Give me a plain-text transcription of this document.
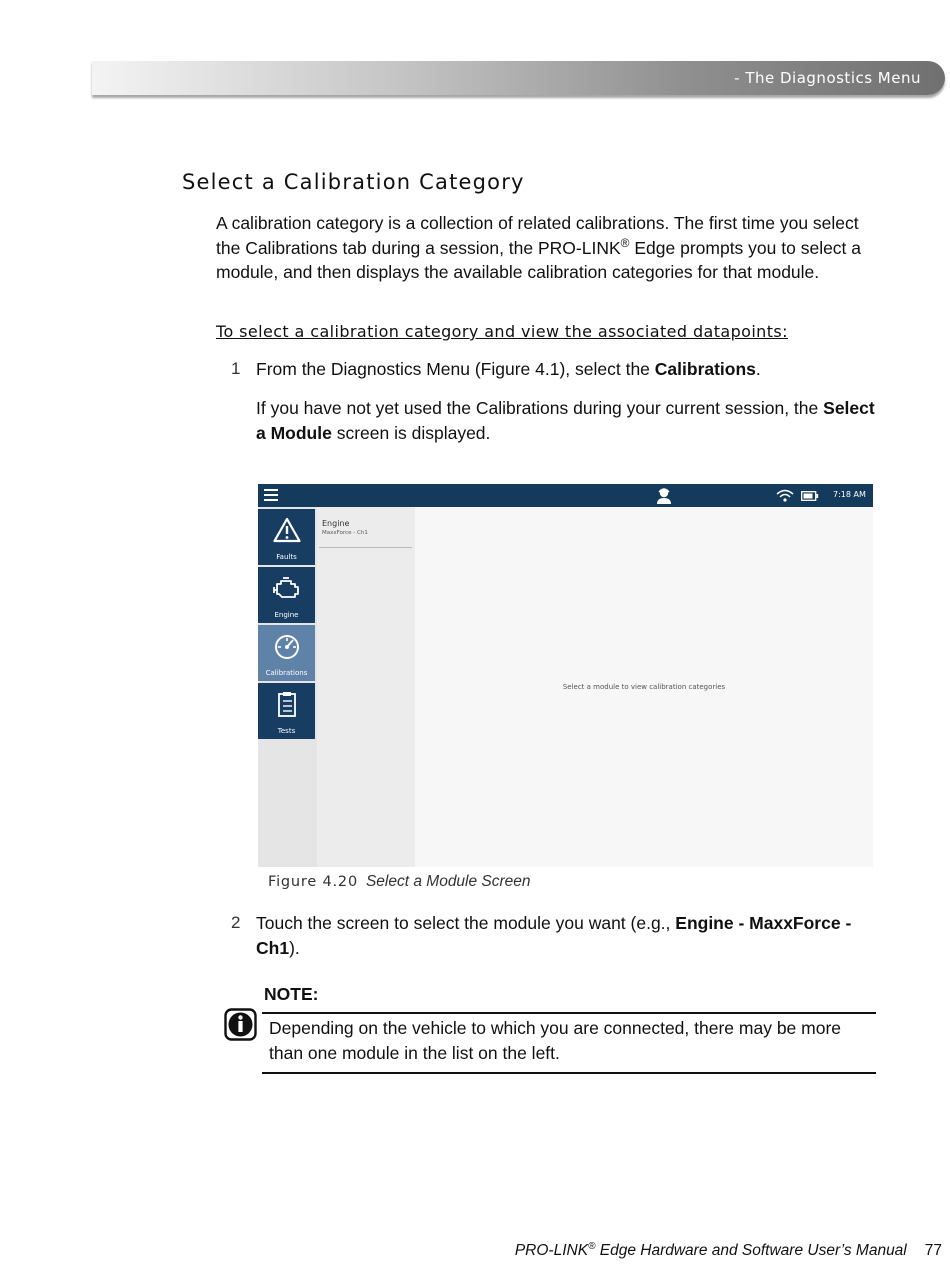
- The Diagnostics Menu
Select a Calibration Category

A calibration category is a collection of related calibrations. The first time you select the Calibrations tab during a session, the PRO-LINK® Edge prompts you to select a module, and then displays the available calibration categories for that module.

To select a calibration category and view the associated datapoints:

1 From the Diagnostics Menu (Figure 4.1), select the Calibrations.

If you have not yet used the Calibrations during your current session, the Select a Module screen is displayed.

7:18 AM
Faults
Engine
Calibrations
Tests
Engine
MaxxForce - Ch1
Select a module to view calibration categories
Figure 4.20 Select a Module Screen
2 Touch the screen to select the module you want (e.g., Engine - MaxxForce - Ch1).

NOTE:

Depending on the vehicle to which you are connected, there may be more than one module in the list on the left.

PRO-LINK® Edge Hardware and Software User’s Manual 77
